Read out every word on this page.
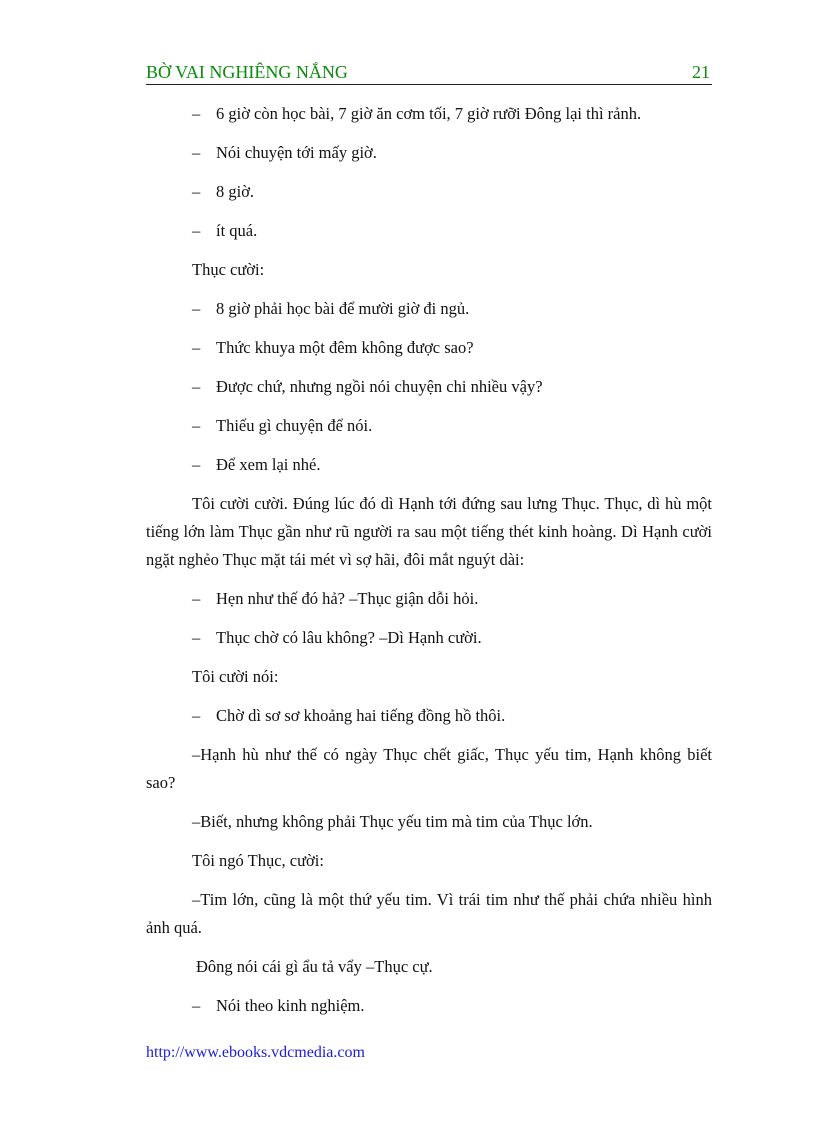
BỜ VAI NGHIÊNG NẮNG	21

– 6 giờ còn học bài, 7 giờ ăn cơm tối, 7 giờ rưỡi Đông lại thì rảnh.

– Nói chuyện tới mấy giờ.

– 8 giờ.

– ít quá.

Thục cười:

– 8 giờ phải học bài để mười giờ đi ngủ.

– Thức khuya một đêm không được sao?

– Được chứ, nhưng ngồi nói chuyện chi nhiều vậy?

– Thiếu gì chuyện để nói.

– Để xem lại nhé.

Tôi cười cười. Đúng lúc đó dì Hạnh tới đứng sau lưng Thục. Thục, dì hù một tiếng lớn làm Thục gần như rũ người ra sau một tiếng thét kinh hoàng. Dì Hạnh cười ngặt nghẻo Thục mặt tái mét vì sợ hãi, đôi mắt nguýt dài:

– Hẹn như thế đó hả? –Thục giận dỗi hỏi.

– Thục chờ có lâu không? –Dì Hạnh cười.

Tôi cười nói:

– Chờ dì sơ sơ khoảng hai tiếng đồng hồ thôi.

–Hạnh hù như thế có ngày Thục chết giấc, Thục yếu tim, Hạnh không biết sao?

–Biết, nhưng không phải Thục yếu tim mà tim của Thục lớn.

Tôi ngó Thục, cười:

–Tim lớn, cũng là một thứ yếu tim. Vì trái tim như thế phải chứa nhiều hình ảnh quá.

Đông nói cái gì ẩu tả vẩy –Thục cự.

– Nói theo kinh nghiệm.

http://www.ebooks.vdcmedia.com
